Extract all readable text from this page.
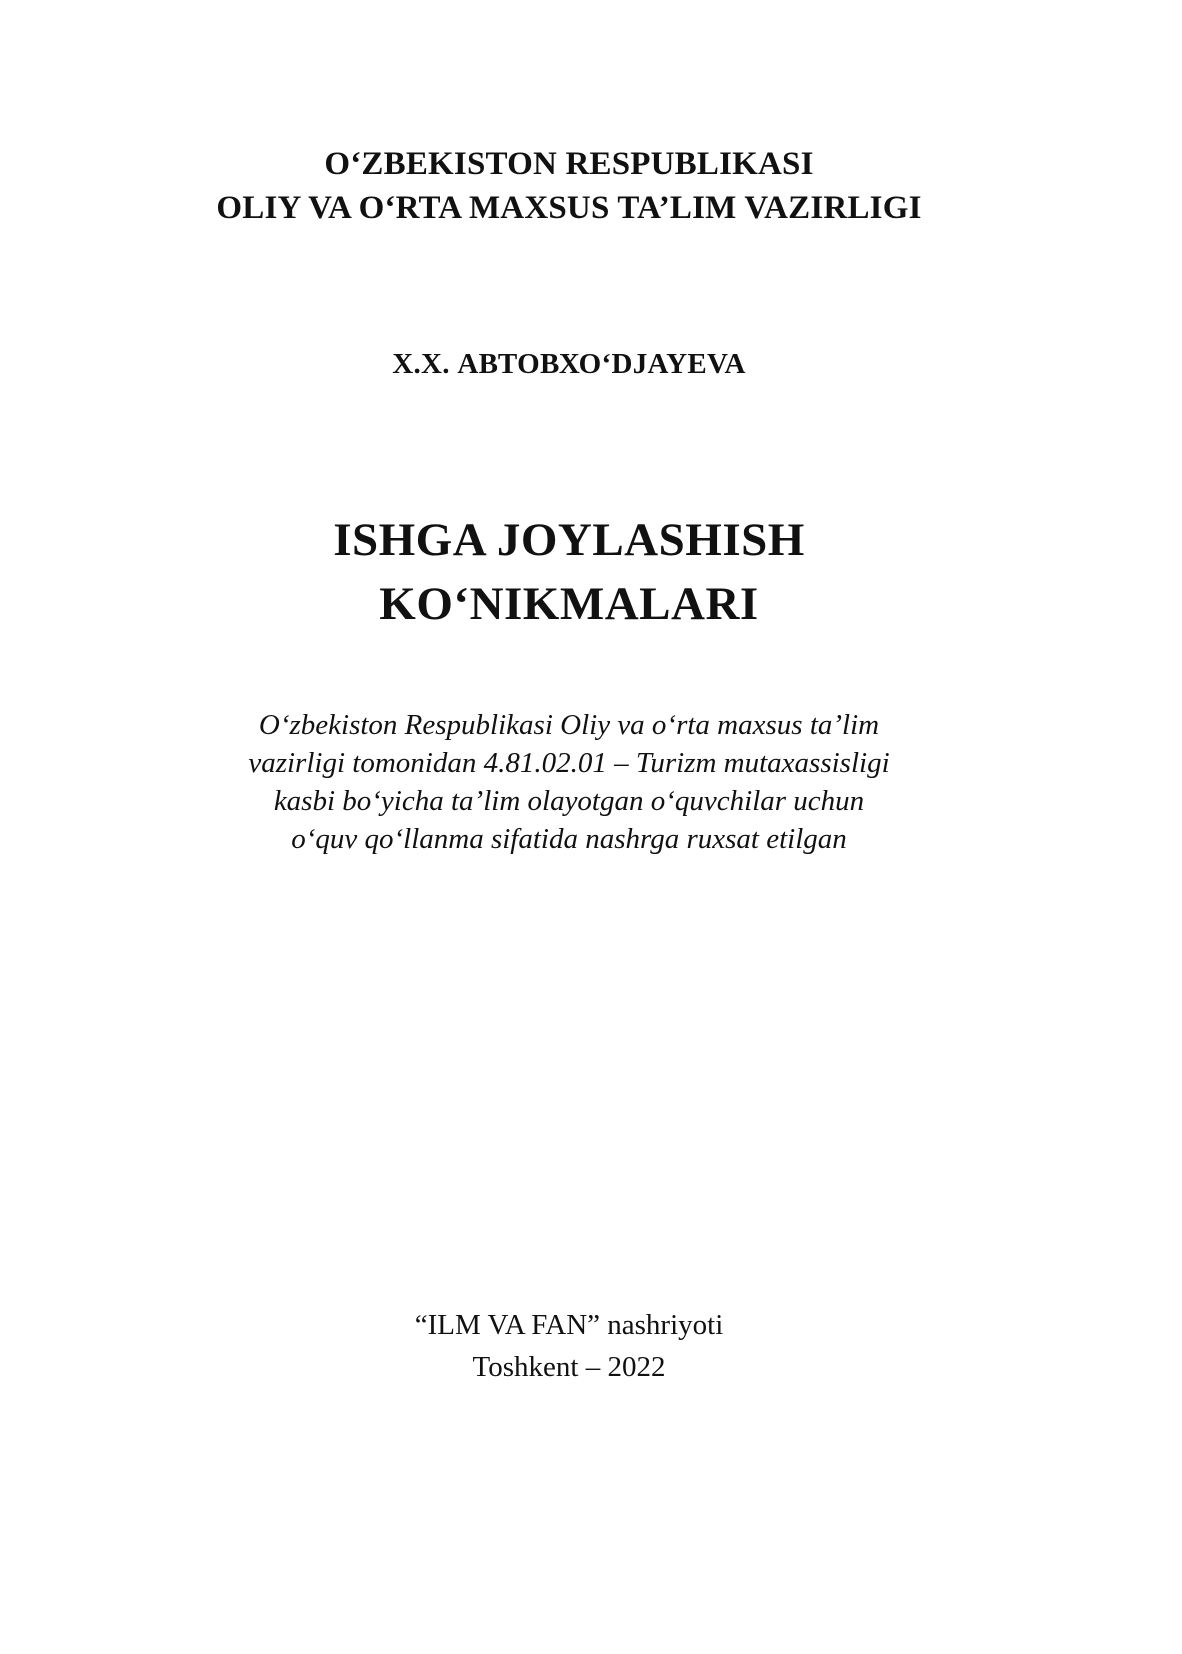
O‘ZBEKISTON RESPUBLIKASI
OLIY VA O‘RTA MAXSUS TA’LIM VAZIRLIGI
X.X. АВТОВХО‘DJAYEVA
ISHGA JOYLASHISH
KO‘NIKMALARI
O‘zbekiston Respublikasi Oliy va o‘rta maxsus ta’lim
vazirligi tomonidan 4.81.02.01 – Turizm mutaxassisligi
kasbi bo‘yicha ta’lim olayotgan o‘quvchilar uchun
o‘quv qo‘llanma sifatida nashrga ruxsat etilgan
“ILM VA FAN” nashriyoti
Toshkent – 2022
